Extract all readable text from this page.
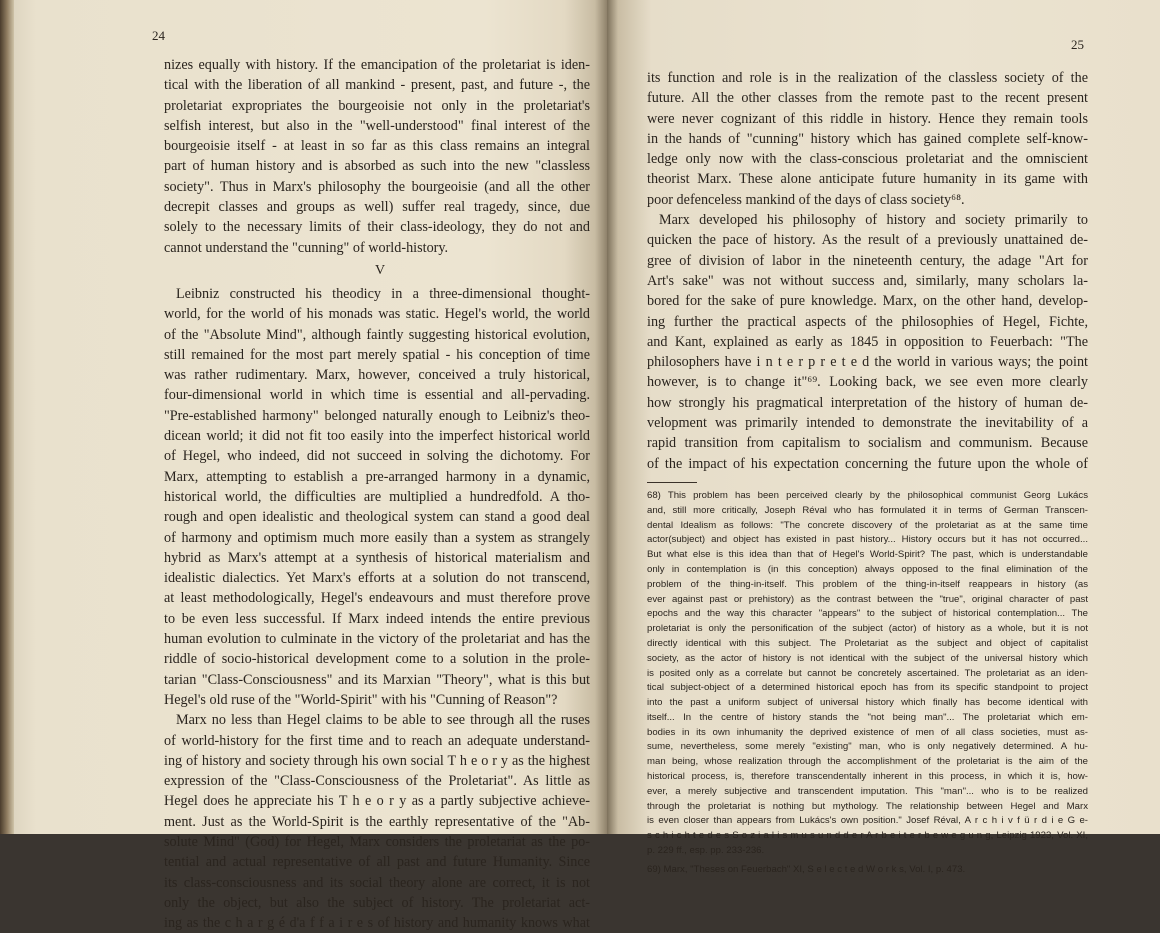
24
nizes equally with history. If the emancipation of the proletariat is iden-
tical with the liberation of all mankind - present, past, and future -, the
proletariat expropriates the bourgeoisie not only in the proletariat's
selfish interest, but also in the "well-understood" final interest of the
bourgeoisie itself - at least in so far as this class remains an integral
part of human history and is absorbed as such into the new "classless
society". Thus in Marx's philosophy the bourgeoisie (and all the other
decrepit classes and groups as well) suffer real tragedy, since, due
solely to the necessary limits of their class-ideology, they do not and
cannot understand the "cunning" of world-history.
V
Leibniz constructed his theodicy in a three-dimensional thought-
world, for the world of his monads was static. Hegel's world, the world
of the "Absolute Mind", although faintly suggesting historical evolution,
still remained for the most part merely spatial - his conception of time
was rather rudimentary. Marx, however, conceived a truly historical,
four-dimensional world in which time is essential and all-pervading.
"Pre-established harmony" belonged naturally enough to Leibniz's theo-
dicean world; it did not fit too easily into the imperfect historical world
of Hegel, who indeed, did not succeed in solving the dichotomy. For
Marx, attempting to establish a pre-arranged harmony in a dynamic,
historical world, the difficulties are multiplied a hundredfold. A tho-
rough and open idealistic and theological system can stand a good deal
of harmony and optimism much more easily than a system as strangely
hybrid as Marx's attempt at a synthesis of historical materialism and
idealistic dialectics. Yet Marx's efforts at a solution do not transcend,
at least methodologically, Hegel's endeavours and must therefore prove
to be even less successful. If Marx indeed intends the entire previous
human evolution to culminate in the victory of the proletariat and has the
riddle of socio-historical development come to a solution in the prole-
tarian "Class-Consciousness" and its Marxian "Theory", what is this but
Hegel's old ruse of the "World-Spirit" with his "Cunning of Reason"?
Marx no less than Hegel claims to be able to see through all the ruses
of world-history for the first time and to reach an adequate understand-
ing of history and society through his own social T h e o r y as the highest
expression of the "Class-Consciousness of the Proletariat". As little as
Hegel does he appreciate his T h e o r y as a partly subjective achieve-
ment. Just as the World-Spirit is the earthly representative of the "Ab-
solute Mind" (God) for Hegel, Marx considers the proletariat as the po-
tential and actual representative of all past and future Humanity. Since
its class-consciousness and its social theory alone are correct, it is not
only the object, but also the subject of history. The proletariat act-
ing as the c h a r g é d'a f f a i r e s of history and humanity knows what
25
its function and role is in the realization of the classless society of the
future. All the other classes from the remote past to the recent present
were never cognizant of this riddle in history. Hence they remain tools
in the hands of "cunning" history which has gained complete self-know-
ledge only now with the class-conscious proletariat and the omniscient
theorist Marx. These alone anticipate future humanity in its game with
poor defenceless mankind of the days of class society⁶⁸.
Marx developed his philosophy of history and society primarily to
quicken the pace of history. As the result of a previously unattained de-
gree of division of labor in the nineteenth century, the adage "Art for
Art's sake" was not without success and, similarly, many scholars la-
bored for the sake of pure knowledge. Marx, on the other hand, develop-
ing further the practical aspects of the philosophies of Hegel, Fichte,
and Kant, explained as early as 1845 in opposition to Feuerbach: "The
philosophers have i n t e r p r e t e d the world in various ways; the point
however, is to change it"⁶⁹. Looking back, we see even more clearly
how strongly his pragmatical interpretation of the history of human de-
velopment was primarily intended to demonstrate the inevitability of a
rapid transition from capitalism to socialism and communism. Because
of the impact of his expectation concerning the future upon the whole of
68) This problem has been perceived clearly by the philosophical communist Georg Lukács
and, still more critically, Joseph Réval who has formulated it in terms of German Transcen-
dental Idealism as follows: "The concrete discovery of the proletariat as at the same time
actor(subject) and object has existed in past history... History occurs but it has not occurred...
But what else is this idea than that of Hegel's World-Spirit? The past, which is understandable
only in contemplation is (in this conception) always opposed to the final elimination of the
problem of the thing-in-itself. This problem of the thing-in-itself reappears in history (as
ever against past or prehistory) as the contrast between the "true", original character of past
epochs and the way this character "appears" to the subject of historical contemplation... The
proletariat is only the personification of the subject (actor) of history as a whole, but it is not
directly identical with this subject. The Proletariat as the subject and object of capitalist
society, as the actor of history is not identical with the subject of the universal history which
is posited only as a correlate but cannot be concretely ascertained. The proletariat as an iden-
tical subject-object of a determined historical epoch has from its specific standpoint to project
into the past a uniform subject of universal history which finally has become identical with
itself... In the centre of history stands the "not being man"... The proletariat which em-
bodies in its own inhumanity the deprived existence of men of all class societies, must as-
sume, nevertheless, some merely "existing" man, who is only negatively determined. A hu-
man being, whose realization through the accomplishment of the proletariat is the aim of the
historical process, is, therefore transcendentally inherent in this process, in which it is, how-
ever, a merely subjective and transcendent imputation. This "man"... who is to be realized
through the proletariat is nothing but mythology. The relationship between Hegel and Marx
is even closer than appears from Lukács's own position." Josef Réval, A r c h i v f ü r d i e G e-
s c h i c h t e d e s S o z i a l i s m u s u n d d e r A r b e i t e r b e w e g u n g, Leipzig 1923, Vol. XI,
p. 229 ff., esp. pp. 233-236.
69) Marx, "Theses on Feuerbach" XI, S e l e c t e d W o r k s, Vol. I, p. 473.
